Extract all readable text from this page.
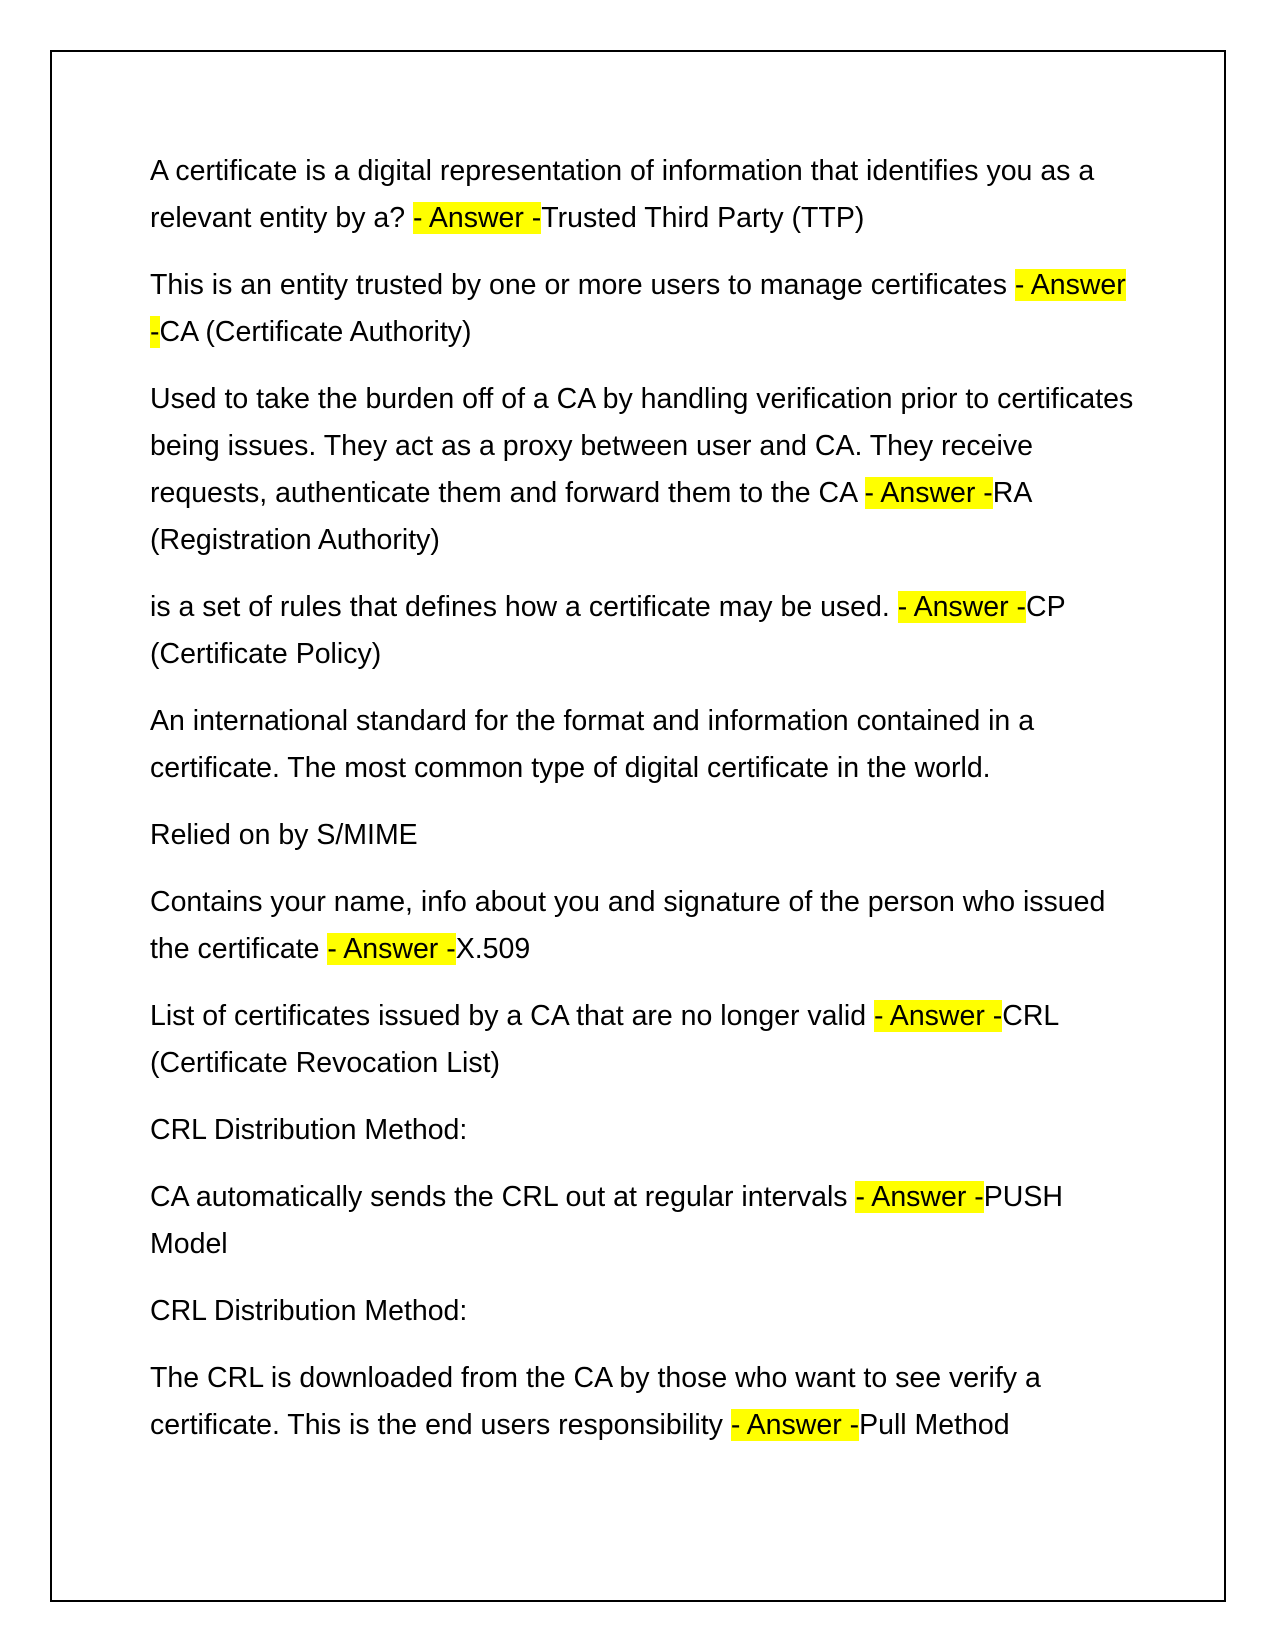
A certificate is a digital representation of information that identifies you as a relevant entity by a? - Answer -Trusted Third Party (TTP)

This is an entity trusted by one or more users to manage certificates - Answer -CA (Certificate Authority)

Used to take the burden off of a CA by handling verification prior to certificates being issues. They act as a proxy between user and CA. They receive requests, authenticate them and forward them to the CA - Answer -RA (Registration Authority)

is a set of rules that defines how a certificate may be used. - Answer -CP (Certificate Policy)

An international standard for the format and information contained in a certificate. The most common type of digital certificate in the world.

Relied on by S/MIME

Contains your name, info about you and signature of the person who issued the certificate - Answer -X.509

List of certificates issued by a CA that are no longer valid - Answer -CRL (Certificate Revocation List)

CRL Distribution Method:

CA automatically sends the CRL out at regular intervals - Answer -PUSH Model

CRL Distribution Method:

The CRL is downloaded from the CA by those who want to see verify a certificate. This is the end users responsibility - Answer -Pull Method
